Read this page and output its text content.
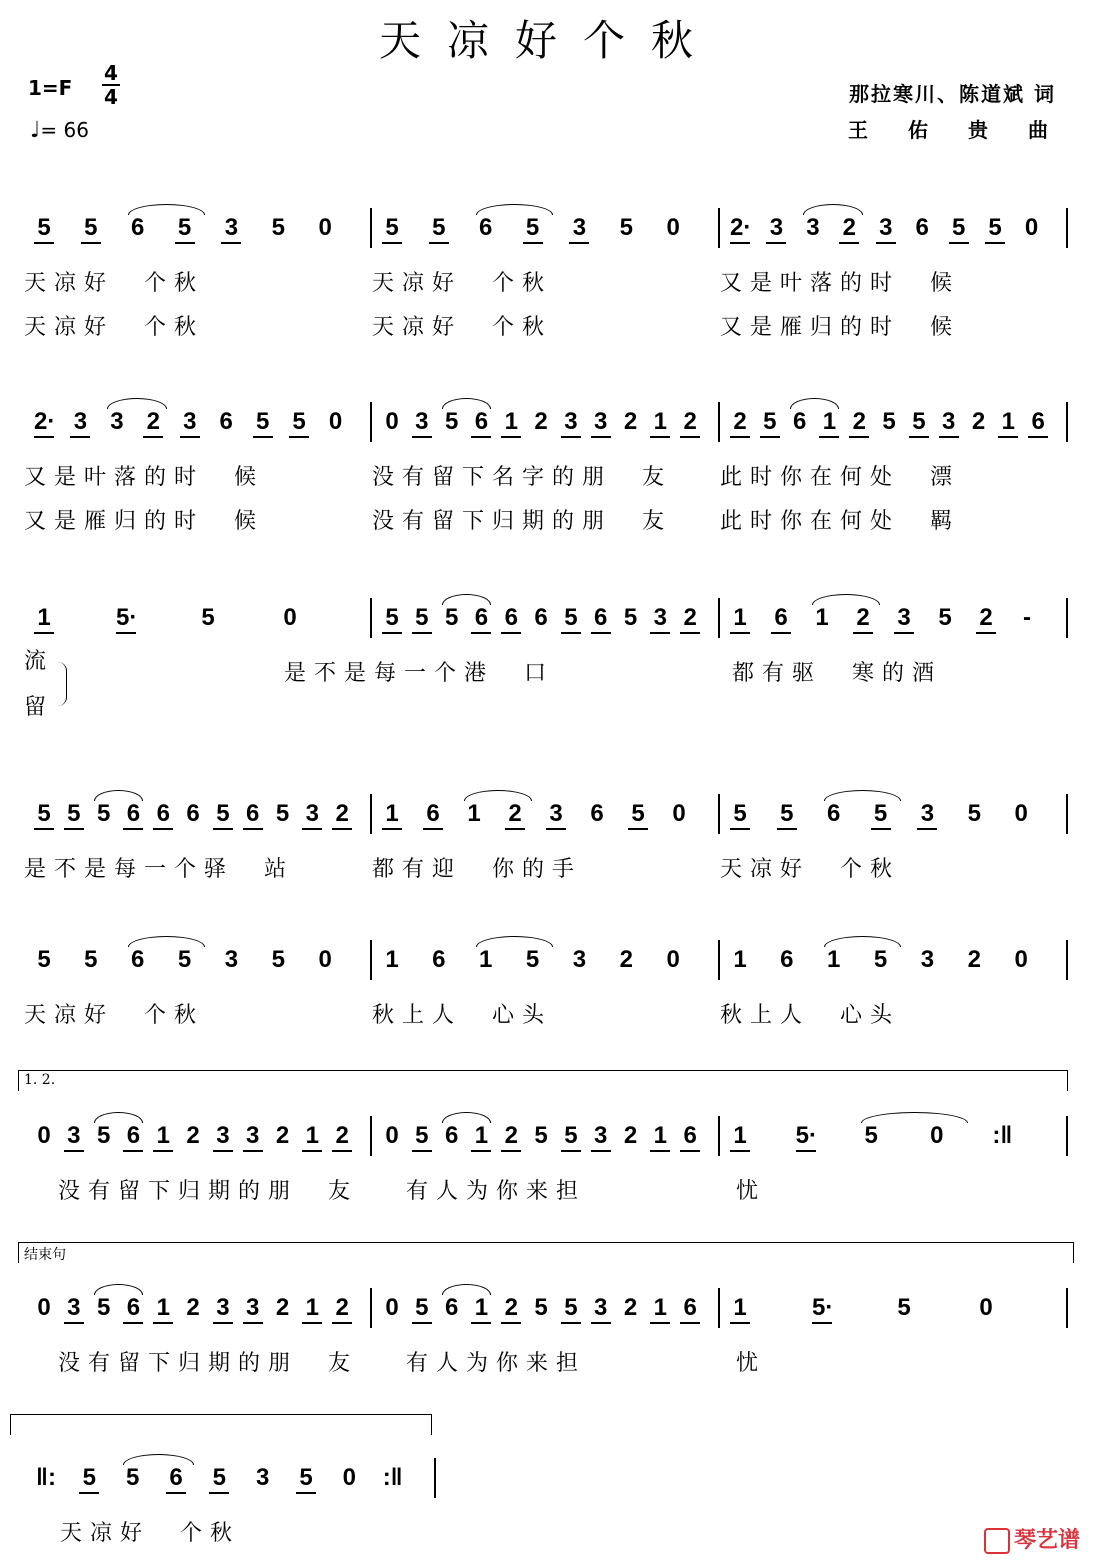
天凉好个秋
1=F
4
4
♩= 66
那拉寒川、陈道斌 词
王佑贵曲
5 5 6 5 3 5 0 5 5 6 5 3 5 0 2· 3 3 2 3 6 5 5 0
天凉好  个秋	天凉好  个秋	又是叶落的时  候
天凉好  个秋	天凉好  个秋	又是雁归的时  候
2· 3 3 2 3 6 5 5 0 0 3 5 6 1 2 3 3 2 1 2 2 5 6 1 2 5 5 3 2 1 6
又是叶落的时  候	没有留下名字的朋  友 此时你在何处  漂
又是雁归的时  候	没有留下归期的朋  友 此时你在何处  羁
1	5·	5	0	5 5 5 6 6 6 5 6 5 3 2 1 6 1 2 3 5 2 -
流	是不是每一个港  口	都有驱  寒的酒
留
5 5 5 6 6 6 5 6 5 3 2 1 6 1 2 3 6 5 0 5 5 6 5 3 5 0
是不是每一个驿  站	都有迎  你的手	天凉好  个秋
5 5 6 5 3 5 0 1 6 1 5 3 2 0 1 6 1 5 3 2 0
天凉好  个秋	秋上人  心头	秋上人  心头
1. 2.
0 3 5 6 1 2 3 3 2 1 2 0 5 6 1 2 5 5 3 2 1 6 1 5· 5 0 :‖
没有留下归期的朋  友 有人为你来担	忧
结束句
0 3 5 6 1 2 3 3 2 1 2 0 5 6 1 2 5 5 3 2 1 6 1	5·	5	0
没有留下归期的朋  友 有人为你来担	忧
‖: 5 5 6 5 3 5 0 :‖
天凉好  个秋	琴艺谱
